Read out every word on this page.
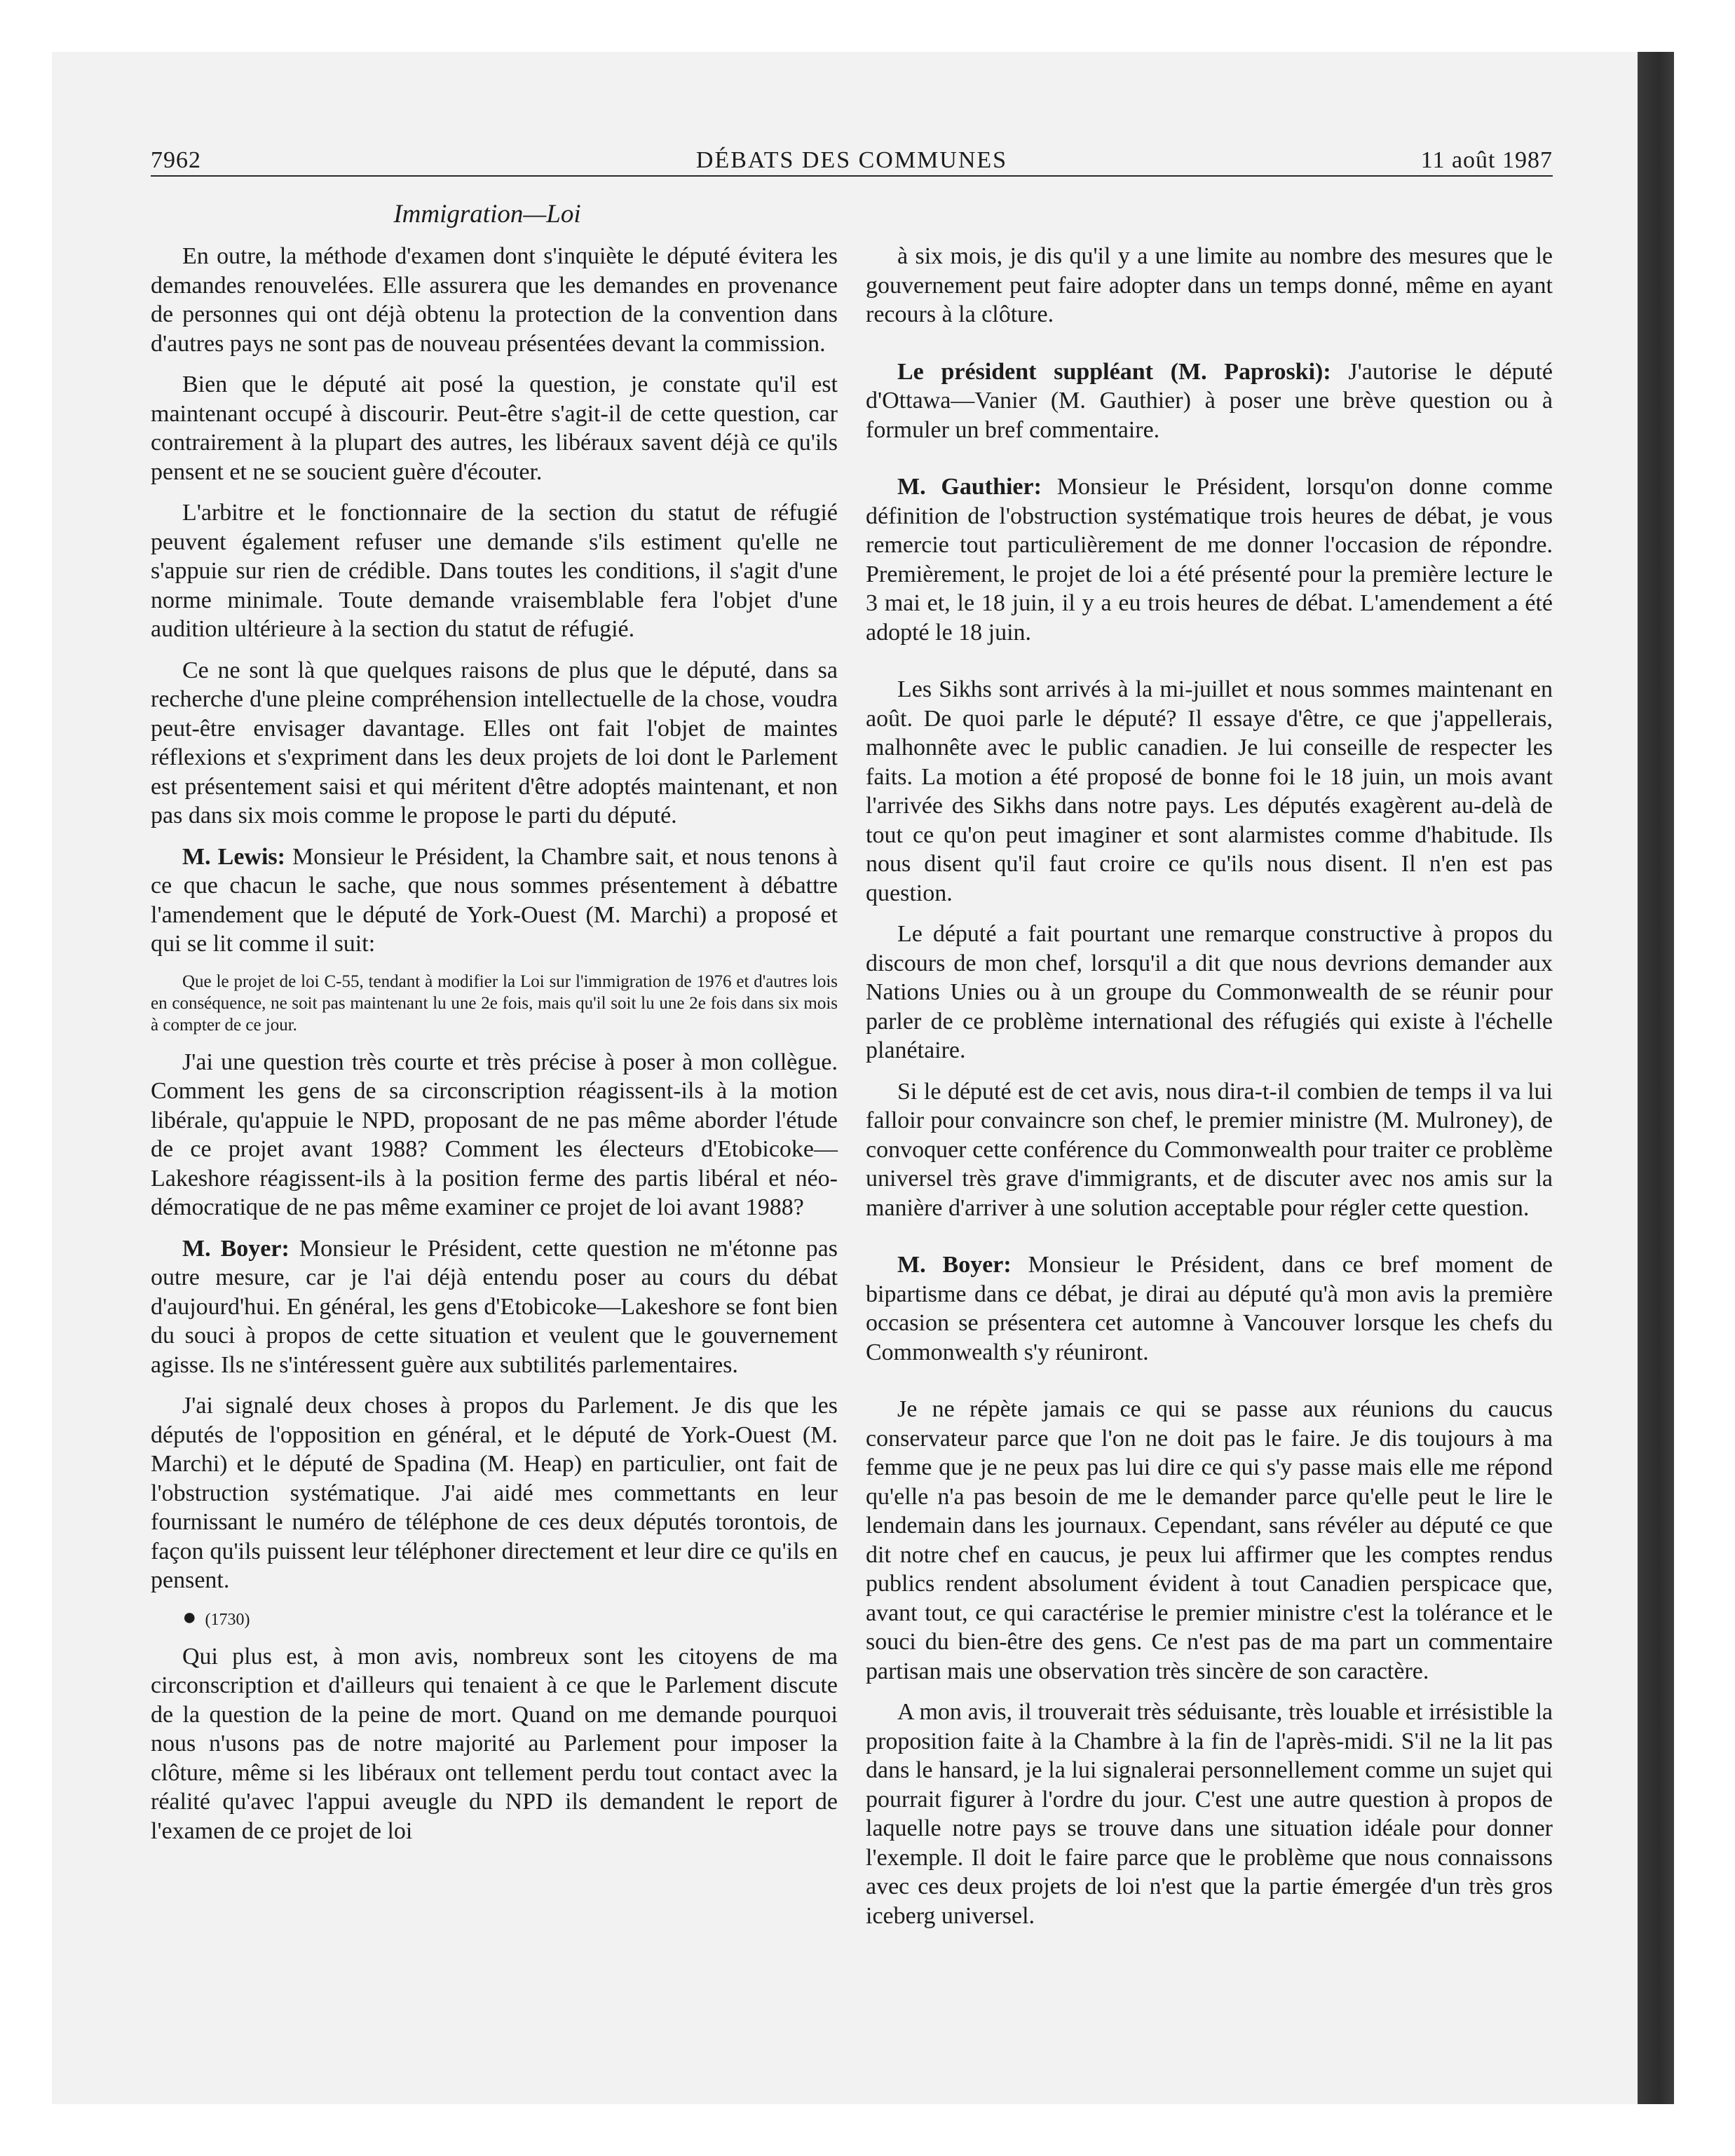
7962	DÉBATS DES COMMUNES	11 août 1987
Immigration—Loi

En outre, la méthode d'examen dont s'inquiète le député évitera les demandes renouvelées. Elle assurera que les demandes en provenance de personnes qui ont déjà obtenu la protection de la convention dans d'autres pays ne sont pas de nouveau présentées devant la commission.

Bien que le député ait posé la question, je constate qu'il est maintenant occupé à discourir. Peut-être s'agit-il de cette question, car contrairement à la plupart des autres, les libéraux savent déjà ce qu'ils pensent et ne se soucient guère d'écouter.

L'arbitre et le fonctionnaire de la section du statut de réfugié peuvent également refuser une demande s'ils estiment qu'elle ne s'appuie sur rien de crédible. Dans toutes les conditions, il s'agit d'une norme minimale. Toute demande vraisemblable fera l'objet d'une audition ultérieure à la section du statut de réfugié.

Ce ne sont là que quelques raisons de plus que le député, dans sa recherche d'une pleine compréhension intellectuelle de la chose, voudra peut-être envisager davantage. Elles ont fait l'objet de maintes réflexions et s'expriment dans les deux projets de loi dont le Parlement est présentement saisi et qui méritent d'être adoptés maintenant, et non pas dans six mois comme le propose le parti du député.

M. Lewis: Monsieur le Président, la Chambre sait, et nous tenons à ce que chacun le sache, que nous sommes présentement à débattre l'amendement que le député de York-Ouest (M. Marchi) a proposé et qui se lit comme il suit:

Que le projet de loi C-55, tendant à modifier la Loi sur l'immigration de 1976 et d'autres lois en conséquence, ne soit pas maintenant lu une 2e fois, mais qu'il soit lu une 2e fois dans six mois à compter de ce jour.

J'ai une question très courte et très précise à poser à mon collègue. Comment les gens de sa circonscription réagissent-ils à la motion libérale, qu'appuie le NPD, proposant de ne pas même aborder l'étude de ce projet avant 1988? Comment les électeurs d'Etobicoke—Lakeshore réagissent-ils à la position ferme des partis libéral et néo-démocratique de ne pas même examiner ce projet de loi avant 1988?

M. Boyer: Monsieur le Président, cette question ne m'étonne pas outre mesure, car je l'ai déjà entendu poser au cours du débat d'aujourd'hui. En général, les gens d'Etobicoke—Lakeshore se font bien du souci à propos de cette situation et veulent que le gouvernement agisse. Ils ne s'intéressent guère aux subtilités parlementaires.

J'ai signalé deux choses à propos du Parlement. Je dis que les députés de l'opposition en général, et le député de York-Ouest (M. Marchi) et le député de Spadina (M. Heap) en particulier, ont fait de l'obstruction systématique. J'ai aidé mes commettants en leur fournissant le numéro de téléphone de ces deux députés torontois, de façon qu'ils puissent leur téléphoner directement et leur dire ce qu'ils en pensent.

● (1730)

Qui plus est, à mon avis, nombreux sont les citoyens de ma circonscription et d'ailleurs qui tenaient à ce que le Parlement discute de la question de la peine de mort. Quand on me demande pourquoi nous n'usons pas de notre majorité au Parlement pour imposer la clôture, même si les libéraux ont tellement perdu tout contact avec la réalité qu'avec l'appui aveugle du NPD ils demandent le report de l'examen de ce projet de loi

à six mois, je dis qu'il y a une limite au nombre des mesures que le gouvernement peut faire adopter dans un temps donné, même en ayant recours à la clôture.

Le président suppléant (M. Paproski): J'autorise le député d'Ottawa—Vanier (M. Gauthier) à poser une brève question ou à formuler un bref commentaire.

M. Gauthier: Monsieur le Président, lorsqu'on donne comme définition de l'obstruction systématique trois heures de débat, je vous remercie tout particulièrement de me donner l'occasion de répondre. Premièrement, le projet de loi a été présenté pour la première lecture le 3 mai et, le 18 juin, il y a eu trois heures de débat. L'amendement a été adopté le 18 juin.

Les Sikhs sont arrivés à la mi-juillet et nous sommes maintenant en août. De quoi parle le député? Il essaye d'être, ce que j'appellerais, malhonnête avec le public canadien. Je lui conseille de respecter les faits. La motion a été proposé de bonne foi le 18 juin, un mois avant l'arrivée des Sikhs dans notre pays. Les députés exagèrent au-delà de tout ce qu'on peut imaginer et sont alarmistes comme d'habitude. Ils nous disent qu'il faut croire ce qu'ils nous disent. Il n'en est pas question.

Le député a fait pourtant une remarque constructive à propos du discours de mon chef, lorsqu'il a dit que nous devrions demander aux Nations Unies ou à un groupe du Commonwealth de se réunir pour parler de ce problème international des réfugiés qui existe à l'échelle planétaire.

Si le député est de cet avis, nous dira-t-il combien de temps il va lui falloir pour convaincre son chef, le premier ministre (M. Mulroney), de convoquer cette conférence du Commonwealth pour traiter ce problème universel très grave d'immigrants, et de discuter avec nos amis sur la manière d'arriver à une solution acceptable pour régler cette question.

M. Boyer: Monsieur le Président, dans ce bref moment de bipartisme dans ce débat, je dirai au député qu'à mon avis la première occasion se présentera cet automne à Vancouver lorsque les chefs du Commonwealth s'y réuniront.

Je ne répète jamais ce qui se passe aux réunions du caucus conservateur parce que l'on ne doit pas le faire. Je dis toujours à ma femme que je ne peux pas lui dire ce qui s'y passe mais elle me répond qu'elle n'a pas besoin de me le demander parce qu'elle peut le lire le lendemain dans les journaux. Cependant, sans révéler au député ce que dit notre chef en caucus, je peux lui affirmer que les comptes rendus publics rendent absolument évident à tout Canadien perspicace que, avant tout, ce qui caractérise le premier ministre c'est la tolérance et le souci du bien-être des gens. Ce n'est pas de ma part un commentaire partisan mais une observation très sincère de son caractère.

A mon avis, il trouverait très séduisante, très louable et irrésistible la proposition faite à la Chambre à la fin de l'après-midi. S'il ne la lit pas dans le hansard, je la lui signalerai personnellement comme un sujet qui pourrait figurer à l'ordre du jour. C'est une autre question à propos de laquelle notre pays se trouve dans une situation idéale pour donner l'exemple. Il doit le faire parce que le problème que nous connaissons avec ces deux projets de loi n'est que la partie émergée d'un très gros iceberg universel.
